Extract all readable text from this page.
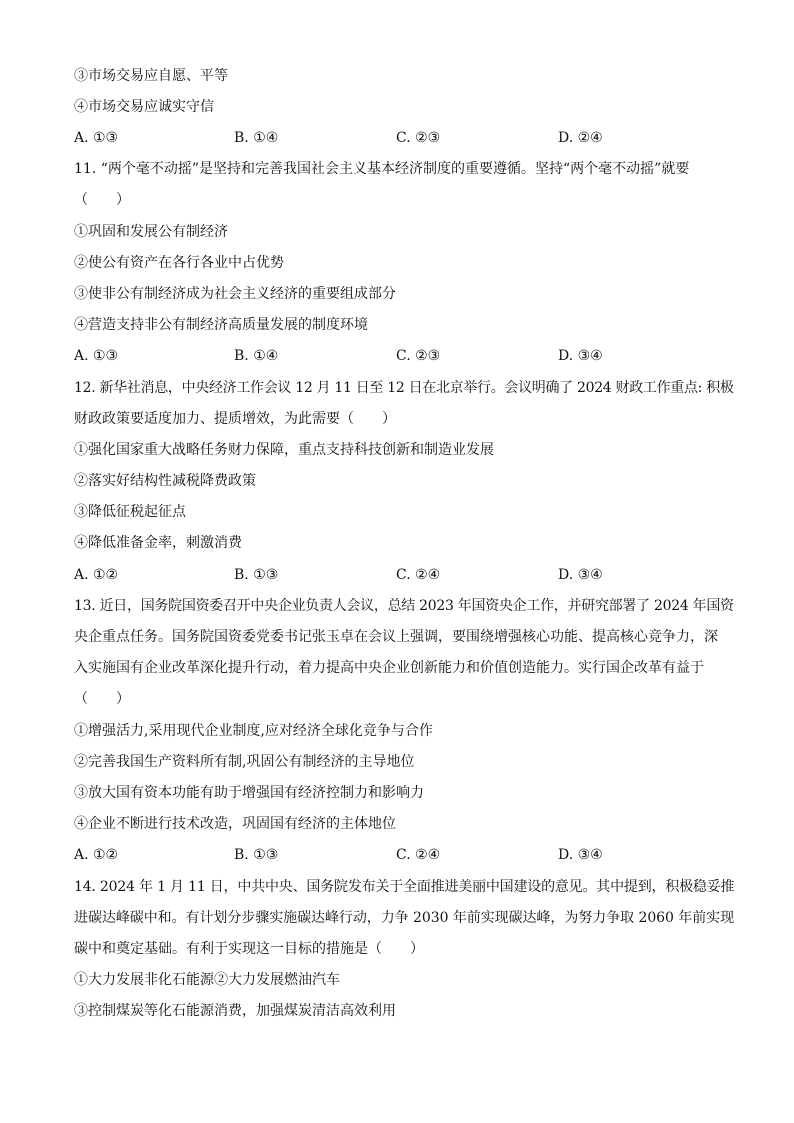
③市场交易应自愿、平等
④市场交易应诚实守信
A. ①③	B. ①④	C. ②③	D. ②④
11. “两个毫不动摇”是坚持和完善我国社会主义基本经济制度的重要遵循。坚持“两个毫不动摇”就要
（　　）
①巩固和发展公有制经济
②使公有资产在各行各业中占优势
③使非公有制经济成为社会主义经济的重要组成部分
④营造支持非公有制经济高质量发展的制度环境
A. ①③	B. ①④	C. ②③	D. ③④
12. 新华社消息，中央经济工作会议 12 月 11 日至 12 日在北京举行。会议明确了 2024 财政工作重点: 积极
财政政策要适度加力、提质增效，为此需要（　　）
①强化国家重大战略任务财力保障，重点支持科技创新和制造业发展
②落实好结构性减税降费政策
③降低征税起征点
④降低准备金率，刺激消费
A. ①②	B. ①③	C. ②④	D. ③④
13. 近日，国务院国资委召开中央企业负责人会议，总结 2023 年国资央企工作，并研究部署了 2024 年国资
央企重点任务。国务院国资委党委书记张玉卓在会议上强调，要围绕增强核心功能、提高核心竞争力，深
入实施国有企业改革深化提升行动，着力提高中央企业创新能力和价值创造能力。实行国企改革有益于
（　　）
①增强活力,采用现代企业制度,应对经济全球化竞争与合作
②完善我国生产资料所有制,巩固公有制经济的主导地位
③放大国有资本功能有助于增强国有经济控制力和影响力
④企业不断进行技术改造，巩固国有经济的主体地位
A. ①②	B. ①③	C. ②④	D. ③④
14. 2024 年 1 月 11 日，中共中央、国务院发布关于全面推进美丽中国建设的意见。其中提到，积极稳妥推
进碳达峰碳中和。有计划分步骤实施碳达峰行动，力争 2030 年前实现碳达峰，为努力争取 2060 年前实现
碳中和奠定基础。有利于实现这一目标的措施是（　　）
①大力发展非化石能源②大力发展燃油汽车
③控制煤炭等化石能源消费，加强煤炭清洁高效利用
